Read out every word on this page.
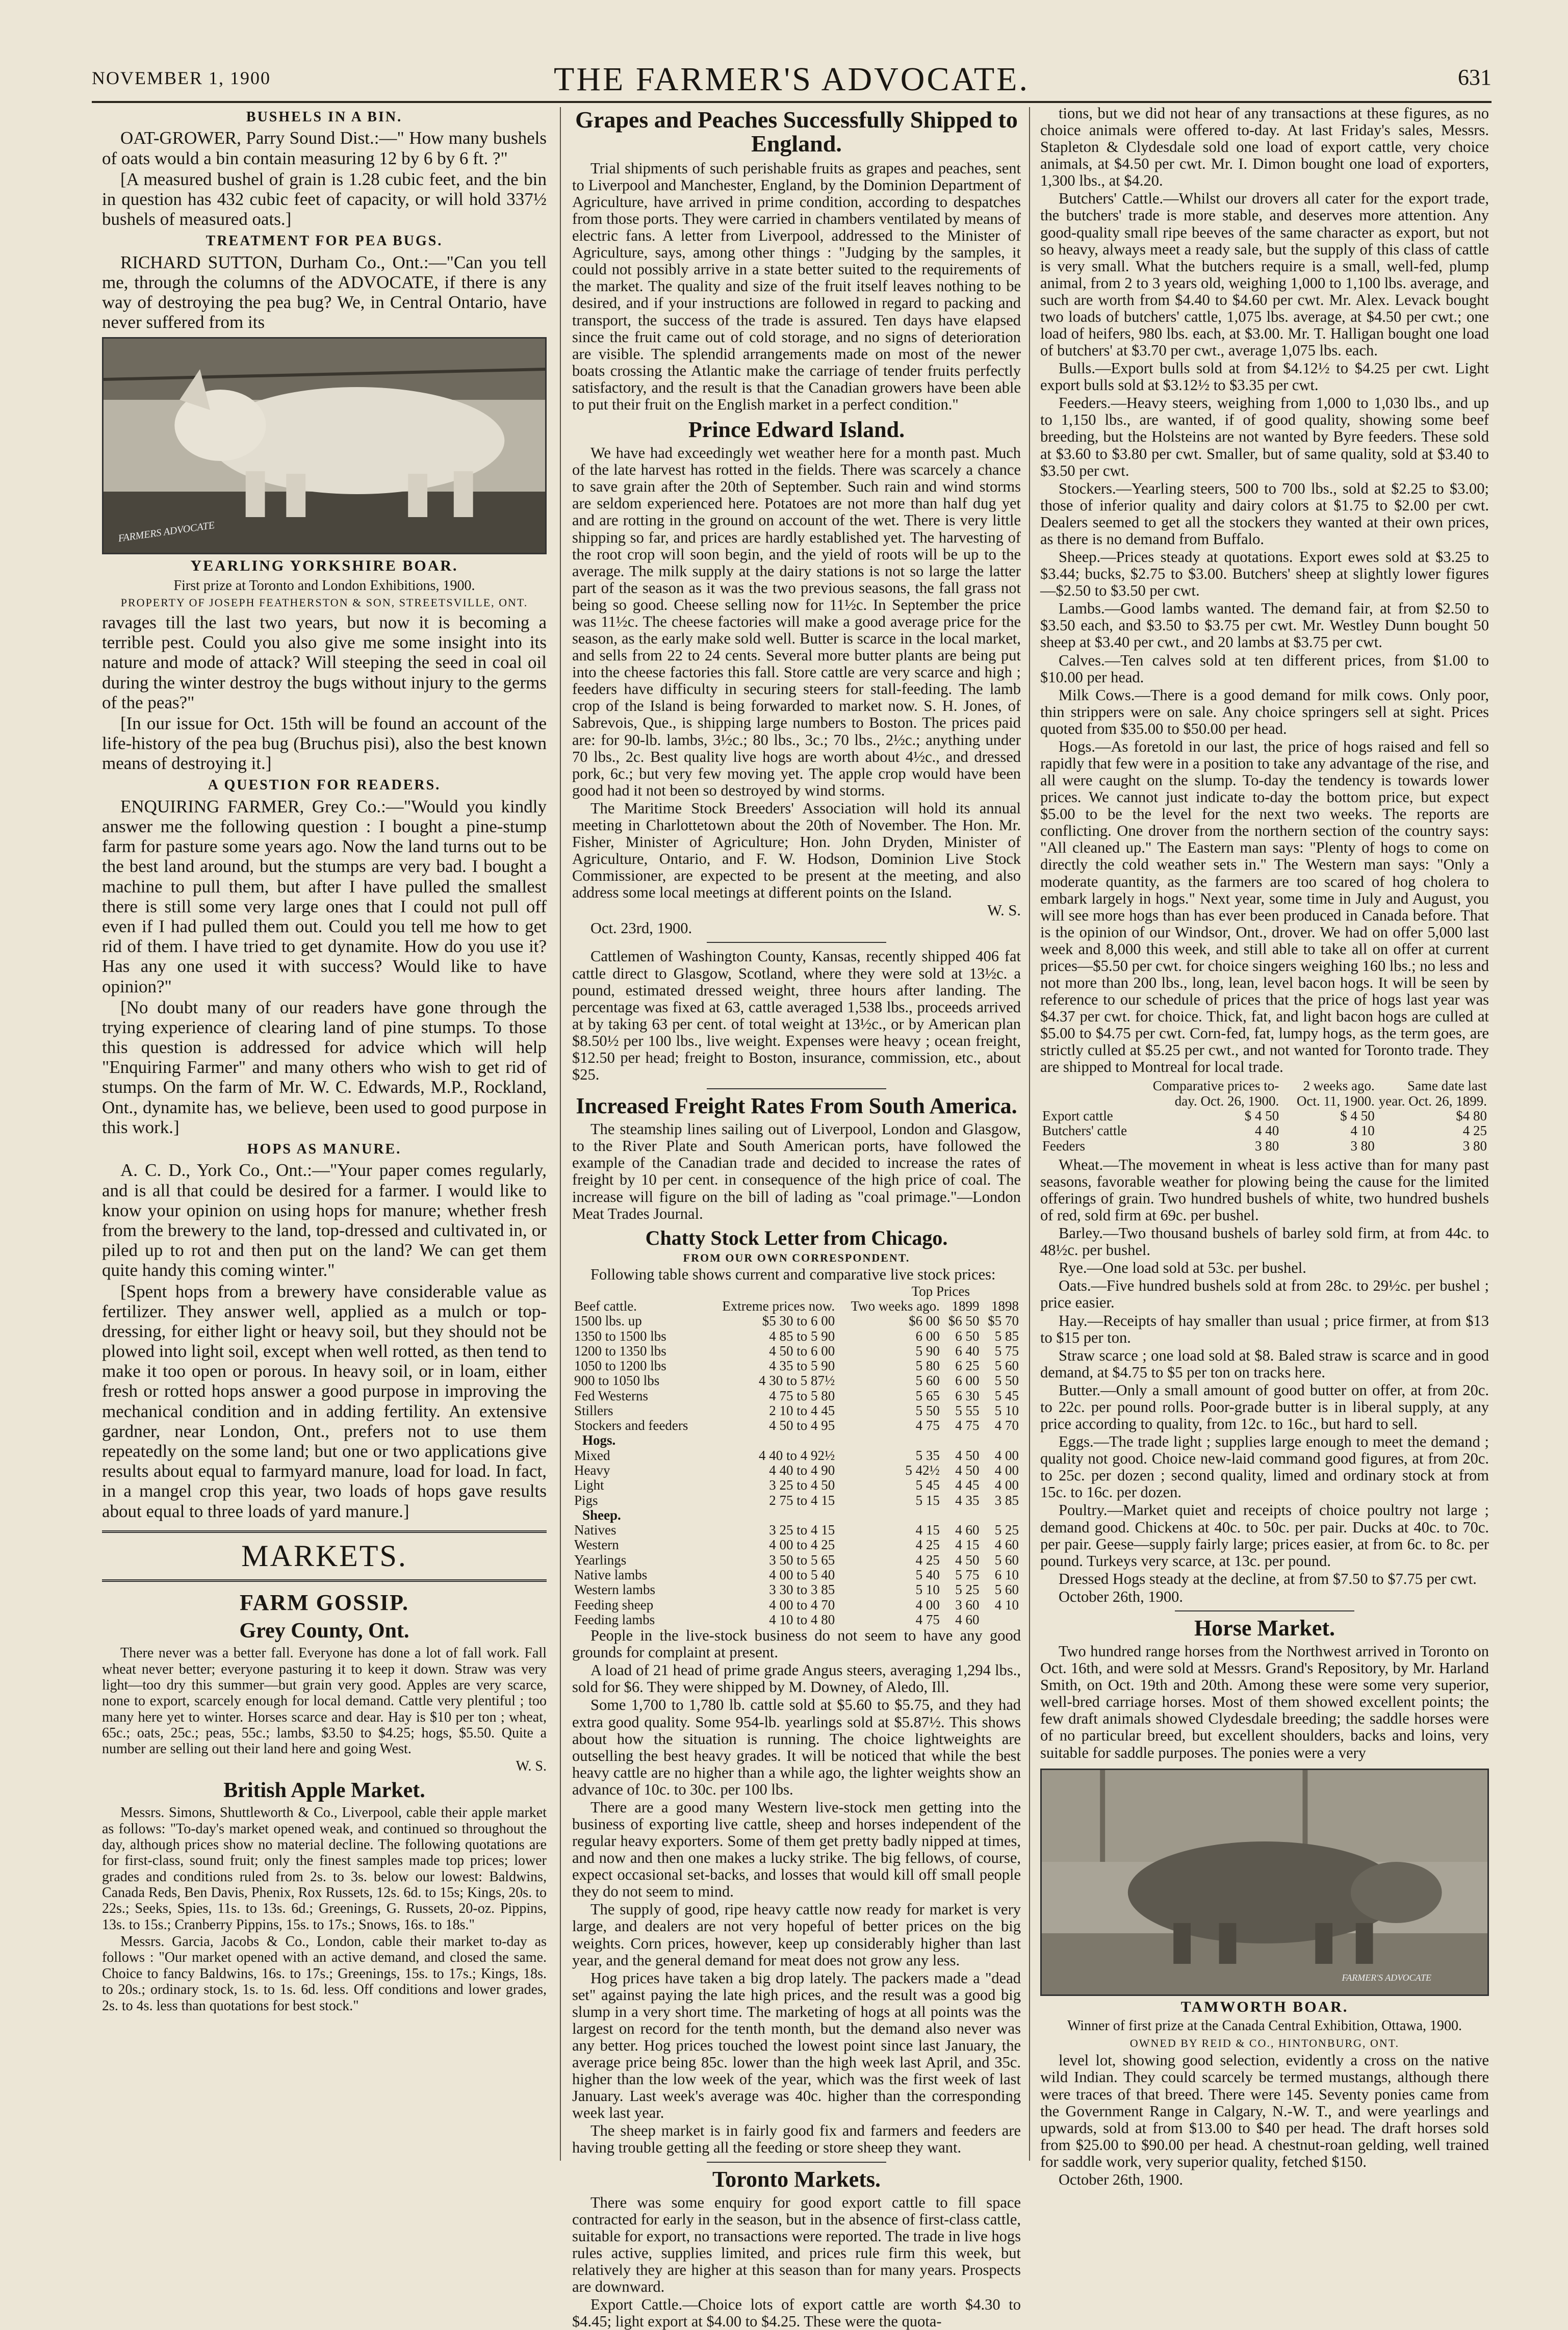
NOVEMBER 1, 1900	THE FARMER'S ADVOCATE.	631
BUSHELS IN A BIN.

OAT-GROWER, Parry Sound Dist.:—" How many bushels of oats would a bin contain measuring 12 by 6 by 6 ft. ?"

[A measured bushel of grain is 1.28 cubic feet, and the bin in question has 432 cubic feet of capacity, or will hold 337½ bushels of measured oats.]

TREATMENT FOR PEA BUGS.

RICHARD SUTTON, Durham Co., Ont.:—"Can you tell me, through the columns of the ADVOCATE, if there is any way of destroying the pea bug? We, in Central Ontario, have never suffered from its

FARMERS ADVOCATE
YEARLING YORKSHIRE BOAR.
First prize at Toronto and London Exhibitions, 1900.
PROPERTY OF JOSEPH FEATHERSTON & SON, STREETSVILLE, ONT.

ravages till the last two years, but now it is becoming a terrible pest. Could you also give me some insight into its nature and mode of attack? Will steeping the seed in coal oil during the winter destroy the bugs without injury to the germs of the peas?"

[In our issue for Oct. 15th will be found an account of the life-history of the pea bug (Bruchus pisi), also the best known means of destroying it.]

A QUESTION FOR READERS.

ENQUIRING FARMER, Grey Co.:—"Would you kindly answer me the following question : I bought a pine-stump farm for pasture some years ago. Now the land turns out to be the best land around, but the stumps are very bad. I bought a machine to pull them, but after I have pulled the smallest there is still some very large ones that I could not pull off even if I had pulled them out. Could you tell me how to get rid of them. I have tried to get dynamite. How do you use it? Has any one used it with success? Would like to have opinion?"

[No doubt many of our readers have gone through the trying experience of clearing land of pine stumps. To those this question is addressed for advice which will help "Enquiring Farmer" and many others who wish to get rid of stumps. On the farm of Mr. W. C. Edwards, M.P., Rockland, Ont., dynamite has, we believe, been used to good purpose in this work.]

HOPS AS MANURE.

A. C. D., York Co., Ont.:—"Your paper comes regularly, and is all that could be desired for a farmer. I would like to know your opinion on using hops for manure; whether fresh from the brewery to the land, top-dressed and cultivated in, or piled up to rot and then put on the land? We can get them quite handy this coming winter."

[Spent hops from a brewery have considerable value as fertilizer. They answer well, applied as a mulch or top-dressing, for either light or heavy soil, but they should not be plowed into light soil, except when well rotted, as then tend to make it too open or porous. In heavy soil, or in loam, either fresh or rotted hops answer a good purpose in improving the mechanical condition and in adding fertility. An extensive gardner, near London, Ont., prefers not to use them repeatedly on the some land; but one or two applications give results about equal to farmyard manure, load for load. In fact, in a mangel crop this year, two loads of hops gave results about equal to three loads of yard manure.]

MARKETS.
FARM GOSSIP.
Grey County, Ont.

There never was a better fall. Everyone has done a lot of fall work. Fall wheat never better; everyone pasturing it to keep it down. Straw was very light—too dry this summer—but grain very good. Apples are very scarce, none to export, scarcely enough for local demand. Cattle very plentiful ; too many here yet to winter. Horses scarce and dear. Hay is $10 per ton ; wheat, 65c.; oats, 25c.; peas, 55c.; lambs, $3.50 to $4.25; hogs, $5.50. Quite a number are selling out their land here and going West.

W. S.

British Apple Market.

Messrs. Simons, Shuttleworth & Co., Liverpool, cable their apple market as follows: "To-day's market opened weak, and continued so throughout the day, although prices show no material decline. The following quotations are for first-class, sound fruit; only the finest samples made top prices; lower grades and conditions ruled from 2s. to 3s. below our lowest: Baldwins, Canada Reds, Ben Davis, Phenix, Rox Russets, 12s. 6d. to 15s; Kings, 20s. to 22s.; Seeks, Spies, 11s. to 13s. 6d.; Greenings, G. Russets, 20-oz. Pippins, 13s. to 15s.; Cranberry Pippins, 15s. to 17s.; Snows, 16s. to 18s."

Messrs. Garcia, Jacobs & Co., London, cable their market to-day as follows : "Our market opened with an active demand, and closed the same. Choice to fancy Baldwins, 16s. to 17s.; Greenings, 15s. to 17s.; Kings, 18s. to 20s.; ordinary stock, 1s. to 1s. 6d. less. Off conditions and lower grades, 2s. to 4s. less than quotations for best stock."

Grapes and Peaches Successfully Shipped to England.

Trial shipments of such perishable fruits as grapes and peaches, sent to Liverpool and Manchester, England, by the Dominion Department of Agriculture, have arrived in prime condition, according to despatches from those ports. They were carried in chambers ventilated by means of electric fans. A letter from Liverpool, addressed to the Minister of Agriculture, says, among other things : "Judging by the samples, it could not possibly arrive in a state better suited to the requirements of the market. The quality and size of the fruit itself leaves nothing to be desired, and if your instructions are followed in regard to packing and transport, the success of the trade is assured. Ten days have elapsed since the fruit came out of cold storage, and no signs of deterioration are visible. The splendid arrangements made on most of the newer boats crossing the Atlantic make the carriage of tender fruits perfectly satisfactory, and the result is that the Canadian growers have been able to put their fruit on the English market in a perfect condition."

Prince Edward Island.

We have had exceedingly wet weather here for a month past. Much of the late harvest has rotted in the fields. There was scarcely a chance to save grain after the 20th of September. Such rain and wind storms are seldom experienced here. Potatoes are not more than half dug yet and are rotting in the ground on account of the wet. There is very little shipping so far, and prices are hardly established yet. The harvesting of the root crop will soon begin, and the yield of roots will be up to the average. The milk supply at the dairy stations is not so large the latter part of the season as it was the two previous seasons, the fall grass not being so good. Cheese selling now for 11½c. In September the price was 11½c. The cheese factories will make a good average price for the season, as the early make sold well. Butter is scarce in the local market, and sells from 22 to 24 cents. Several more butter plants are being put into the cheese factories this fall. Store cattle are very scarce and high ; feeders have difficulty in securing steers for stall-feeding. The lamb crop of the Island is being forwarded to market now. S. H. Jones, of Sabrevois, Que., is shipping large numbers to Boston. The prices paid are: for 90-lb. lambs, 3½c.; 80 lbs., 3c.; 70 lbs., 2½c.; anything under 70 lbs., 2c. Best quality live hogs are worth about 4½c., and dressed pork, 6c.; but very few moving yet. The apple crop would have been good had it not been so destroyed by wind storms.

The Maritime Stock Breeders' Association will hold its annual meeting in Charlottetown about the 20th of November. The Hon. Mr. Fisher, Minister of Agriculture; Hon. John Dryden, Minister of Agriculture, Ontario, and F. W. Hodson, Dominion Live Stock Commissioner, are expected to be present at the meeting, and also address some local meetings at different points on the Island.

W. S.

Oct. 23rd, 1900.

Cattlemen of Washington County, Kansas, recently shipped 406 fat cattle direct to Glasgow, Scotland, where they were sold at 13½c. a pound, estimated dressed weight, three hours after landing. The percentage was fixed at 63, cattle averaged 1,538 lbs., proceeds arrived at by taking 63 per cent. of total weight at 13½c., or by American plan $8.50½ per 100 lbs., live weight. Expenses were heavy ; ocean freight, $12.50 per head; freight to Boston, insurance, commission, etc., about $25.

Increased Freight Rates From South America.

The steamship lines sailing out of Liverpool, London and Glasgow, to the River Plate and South American ports, have followed the example of the Canadian trade and decided to increase the rates of freight by 10 per cent. in consequence of the high price of coal. The increase will figure on the bill of lading as "coal primage."—London Meat Trades Journal.

Chatty Stock Letter from Chicago.
FROM OUR OWN CORRESPONDENT.

Following table shows current and comparative live stock prices:

Top Prices
Beef cattle.	Extreme prices now.	Two weeks ago.	1899	1898
1500 lbs. up	$5 30 to 6 00	$6 00	$6 50	$5 70
1350 to 1500 lbs	4 85 to 5 90	6 00	6 50	5 85
1200 to 1350 lbs	4 50 to 6 00	5 90	6 40	5 75
1050 to 1200 lbs	4 35 to 5 90	5 80	6 25	5 60
900 to 1050 lbs	4 30 to 5 87½	5 60	6 00	5 50
Fed Westerns	4 75 to 5 80	5 65	6 30	5 45
Stillers	2 10 to 4 45	5 50	5 55	5 10
Stockers and feeders	4 50 to 4 95	4 75	4 75	4 70
Hogs.				
Mixed	4 40 to 4 92½	5 35	4 50	4 00
Heavy	4 40 to 4 90	5 42½	4 50	4 00
Light	3 25 to 4 50	5 45	4 45	4 00
Pigs	2 75 to 4 15	5 15	4 35	3 85
Sheep.				
Natives	3 25 to 4 15	4 15	4 60	5 25
Western	4 00 to 4 25	4 25	4 15	4 60
Yearlings	3 50 to 5 65	4 25	4 50	5 60
Native lambs	4 00 to 5 40	5 40	5 75	6 10
Western lambs	3 30 to 3 85	5 10	5 25	5 60
Feeding sheep	4 00 to 4 70	4 00	3 60	4 10
Feeding lambs	4 10 to 4 80	4 75	4 60	

People in the live-stock business do not seem to have any good grounds for complaint at present.

A load of 21 head of prime grade Angus steers, averaging 1,294 lbs., sold for $6. They were shipped by M. Downey, of Aledo, Ill.

Some 1,700 to 1,780 lb. cattle sold at $5.60 to $5.75, and they had extra good quality. Some 954-lb. yearlings sold at $5.87½. This shows about how the situation is running. The choice lightweights are outselling the best heavy grades. It will be noticed that while the best heavy cattle are no higher than a while ago, the lighter weights show an advance of 10c. to 30c. per 100 lbs.

There are a good many Western live-stock men getting into the business of exporting live cattle, sheep and horses independent of the regular heavy exporters. Some of them get pretty badly nipped at times, and now and then one makes a lucky strike. The big fellows, of course, expect occasional set-backs, and losses that would kill off small people they do not seem to mind.

The supply of good, ripe heavy cattle now ready for market is very large, and dealers are not very hopeful of better prices on the big weights. Corn prices, however, keep up considerably higher than last year, and the general demand for meat does not grow any less.

Hog prices have taken a big drop lately. The packers made a "dead set" against paying the late high prices, and the result was a good big slump in a very short time. The marketing of hogs at all points was the largest on record for the tenth month, but the demand also never was any better. Hog prices touched the lowest point since last January, the average price being 85c. lower than the high week last April, and 35c. higher than the low week of the year, which was the first week of last January. Last week's average was 40c. higher than the corresponding week last year.

The sheep market is in fairly good fix and farmers and feeders are having trouble getting all the feeding or store sheep they want.

Toronto Markets.

There was some enquiry for good export cattle to fill space contracted for early in the season, but in the absence of first-class cattle, suitable for export, no transactions were reported. The trade in live hogs rules active, supplies limited, and prices rule firm this week, but relatively they are higher at this season than for many years. Prospects are downward.

Export Cattle.—Choice lots of export cattle are worth $4.30 to $4.45; light export at $4.00 to $4.25. These were the quota-

tions, but we did not hear of any transactions at these figures, as no choice animals were offered to-day. At last Friday's sales, Messrs. Stapleton & Clydesdale sold one load of export cattle, very choice animals, at $4.50 per cwt. Mr. I. Dimon bought one load of exporters, 1,300 lbs., at $4.20.

Butchers' Cattle.—Whilst our drovers all cater for the export trade, the butchers' trade is more stable, and deserves more attention. Any good-quality small ripe beeves of the same character as export, but not so heavy, always meet a ready sale, but the supply of this class of cattle is very small. What the butchers require is a small, well-fed, plump animal, from 2 to 3 years old, weighing 1,000 to 1,100 lbs. average, and such are worth from $4.40 to $4.60 per cwt. Mr. Alex. Levack bought two loads of butchers' cattle, 1,075 lbs. average, at $4.50 per cwt.; one load of heifers, 980 lbs. each, at $3.00. Mr. T. Halligan bought one load of butchers' at $3.70 per cwt., average 1,075 lbs. each.

Bulls.—Export bulls sold at from $4.12½ to $4.25 per cwt. Light export bulls sold at $3.12½ to $3.35 per cwt.

Feeders.—Heavy steers, weighing from 1,000 to 1,030 lbs., and up to 1,150 lbs., are wanted, if of good quality, showing some beef breeding, but the Holsteins are not wanted by Byre feeders. These sold at $3.60 to $3.80 per cwt. Smaller, but of same quality, sold at $3.40 to $3.50 per cwt.

Stockers.—Yearling steers, 500 to 700 lbs., sold at $2.25 to $3.00; those of inferior quality and dairy colors at $1.75 to $2.00 per cwt. Dealers seemed to get all the stockers they wanted at their own prices, as there is no demand from Buffalo.

Sheep.—Prices steady at quotations. Export ewes sold at $3.25 to $3.44; bucks, $2.75 to $3.00. Butchers' sheep at slightly lower figures—$2.50 to $3.50 per cwt.

Lambs.—Good lambs wanted. The demand fair, at from $2.50 to $3.50 each, and $3.50 to $3.75 per cwt. Mr. Westley Dunn bought 50 sheep at $3.40 per cwt., and 20 lambs at $3.75 per cwt.

Calves.—Ten calves sold at ten different prices, from $1.00 to $10.00 per head.

Milk Cows.—There is a good demand for milk cows. Only poor, thin strippers were on sale. Any choice springers sell at sight. Prices quoted from $35.00 to $50.00 per head.

Hogs.—As foretold in our last, the price of hogs raised and fell so rapidly that few were in a position to take any advantage of the rise, and all were caught on the slump. To-day the tendency is towards lower prices. We cannot just indicate to-day the bottom price, but expect $5.00 to be the level for the next two weeks. The reports are conflicting. One drover from the northern section of the country says: "All cleaned up." The Eastern man says: "Plenty of hogs to come on directly the cold weather sets in." The Western man says: "Only a moderate quantity, as the farmers are too scared of hog cholera to embark largely in hogs." Next year, some time in July and August, you will see more hogs than has ever been produced in Canada before. That is the opinion of our Windsor, Ont., drover. We had on offer 5,000 last week and 8,000 this week, and still able to take all on offer at current prices—$5.50 per cwt. for choice singers weighing 160 lbs.; no less and not more than 200 lbs., long, lean, level bacon hogs. It will be seen by reference to our schedule of prices that the price of hogs last year was $4.37 per cwt. for choice. Thick, fat, and light bacon hogs are culled at $5.00 to $4.75 per cwt. Corn-fed, fat, lumpy hogs, as the term goes, are strictly culled at $5.25 per cwt., and not wanted for Toronto trade. They are shipped to Montreal for local trade.

	Comparative prices to-day. Oct. 26, 1900.	2 weeks ago. Oct. 11, 1900.	Same date last year. Oct. 26, 1899.
Export cattle	$ 4 50	$ 4 50	$4 80
Butchers' cattle	4 40	4 10	4 25
Feeders	3 80	3 80	3 80

Wheat.—The movement in wheat is less active than for many past seasons, favorable weather for plowing being the cause for the limited offerings of grain. Two hundred bushels of white, two hundred bushels of red, sold firm at 69c. per bushel.

Barley.—Two thousand bushels of barley sold firm, at from 44c. to 48½c. per bushel.

Rye.—One load sold at 53c. per bushel.

Oats.—Five hundred bushels sold at from 28c. to 29½c. per bushel ; price easier.

Hay.—Receipts of hay smaller than usual ; price firmer, at from $13 to $15 per ton.

Straw scarce ; one load sold at $8. Baled straw is scarce and in good demand, at $4.75 to $5 per ton on tracks here.

Butter.—Only a small amount of good butter on offer, at from 20c. to 22c. per pound rolls. Poor-grade butter is in liberal supply, at any price according to quality, from 12c. to 16c., but hard to sell.

Eggs.—The trade light ; supplies large enough to meet the demand ; quality not good. Choice new-laid command good figures, at from 20c. to 25c. per dozen ; second quality, limed and ordinary stock at from 15c. to 16c. per dozen.

Poultry.—Market quiet and receipts of choice poultry not large ; demand good. Chickens at 40c. to 50c. per pair. Ducks at 40c. to 70c. per pair. Geese—supply fairly large; prices easier, at from 6c. to 8c. per pound. Turkeys very scarce, at 13c. per pound.

Dressed Hogs steady at the decline, at from $7.50 to $7.75 per cwt.

October 26th, 1900.

Horse Market.

Two hundred range horses from the Northwest arrived in Toronto on Oct. 16th, and were sold at Messrs. Grand's Repository, by Mr. Harland Smith, on Oct. 19th and 20th. Among these were some very superior, well-bred carriage horses. Most of them showed excellent points; the few draft animals showed Clydesdale breeding; the saddle horses were of no particular breed, but excellent shoulders, backs and loins, very suitable for saddle purposes. The ponies were a very

FARMER'S ADVOCATE
TAMWORTH BOAR.
Winner of first prize at the Canada Central Exhibition, Ottawa, 1900.
OWNED BY REID & CO., HINTONBURG, ONT.

level lot, showing good selection, evidently a cross on the native wild Indian. They could scarcely be termed mustangs, although there were traces of that breed. There were 145. Seventy ponies came from the Government Range in Calgary, N.-W. T., and were yearlings and upwards, sold at from $13.00 to $40 per head. The draft horses sold from $25.00 to $90.00 per head. A chestnut-roan gelding, well trained for saddle work, very superior quality, fetched $150.

October 26th, 1900.
